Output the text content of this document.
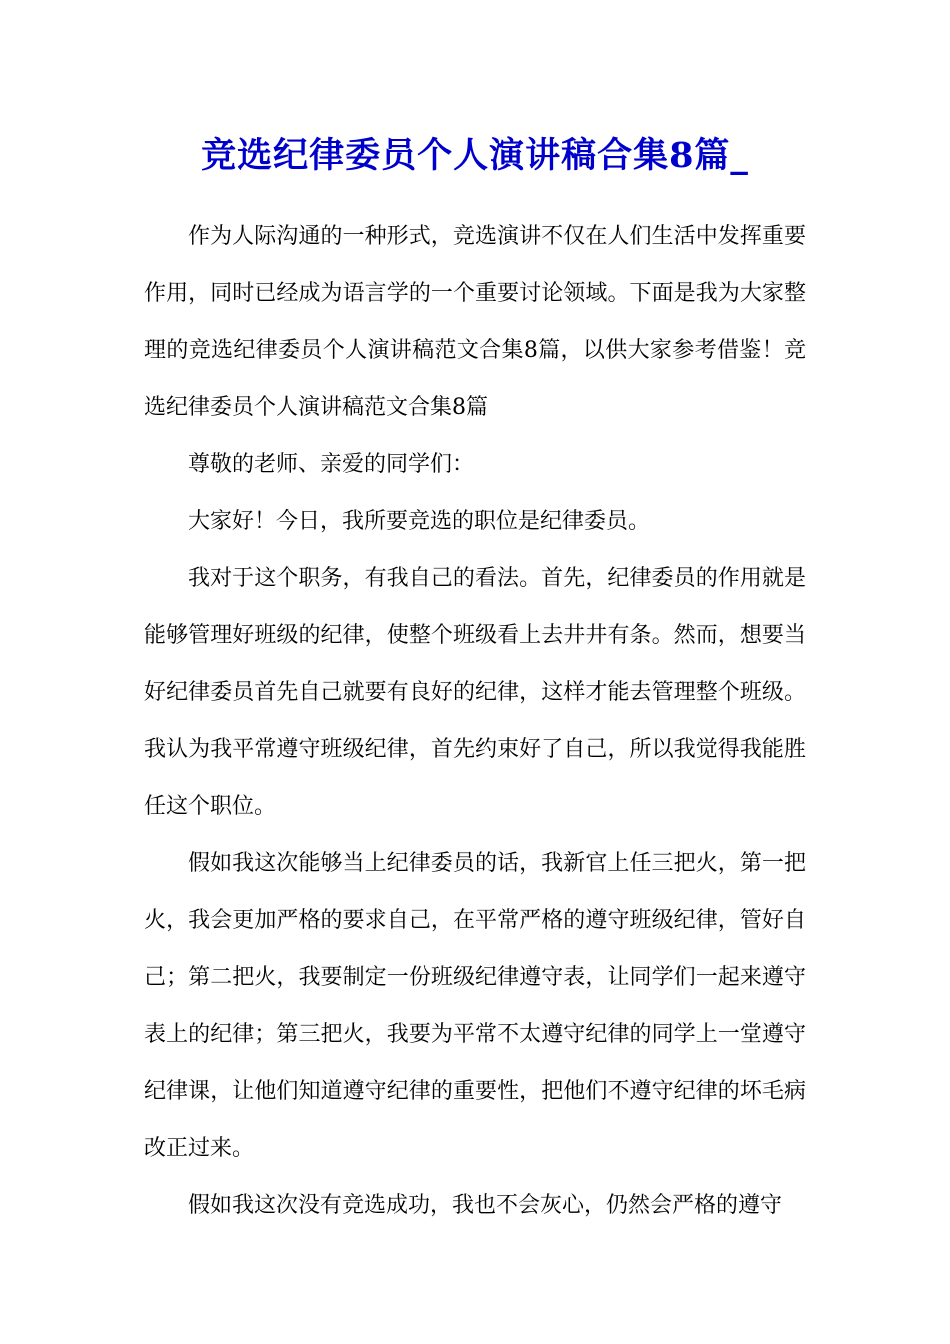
竞选纪律委员个人演讲稿合集8篇_

作为人际沟通的一种形式，竞选演讲不仅在人们生活中发挥重要作用，同时已经成为语言学的一个重要讨论领域。下面是我为大家整理的竞选纪律委员个人演讲稿范文合集8篇，以供大家参考借鉴！竞选纪律委员个人演讲稿范文合集8篇

尊敬的老师、亲爱的同学们：

大家好！今日，我所要竞选的职位是纪律委员。

我对于这个职务，有我自己的看法。首先，纪律委员的作用就是能够管理好班级的纪律，使整个班级看上去井井有条。然而，想要当好纪律委员首先自己就要有良好的纪律，这样才能去管理整个班级。我认为我平常遵守班级纪律，首先约束好了自己，所以我觉得我能胜任这个职位。

假如我这次能够当上纪律委员的话，我新官上任三把火，第一把火，我会更加严格的要求自己，在平常严格的遵守班级纪律，管好自己；第二把火，我要制定一份班级纪律遵守表，让同学们一起来遵守表上的纪律；第三把火，我要为平常不太遵守纪律的同学上一堂遵守纪律课，让他们知道遵守纪律的重要性，把他们不遵守纪律的坏毛病改正过来。

假如我这次没有竞选成功，我也不会灰心，仍然会严格的遵守
